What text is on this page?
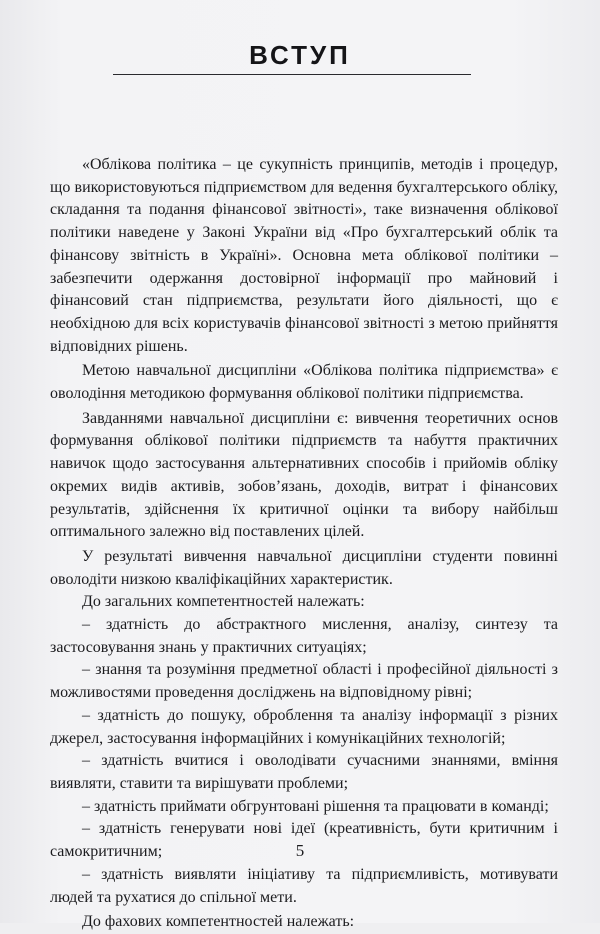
ВСТУП

«Облікова політика – це сукупність принципів, методів і процедур, що використовуються підприємством для ведення бухгалтерського обліку, складання та подання фінансової звітності», таке визначення облікової політики наведене у Законі України від «Про бухгалтерський облік та фінансову звітність в Україні». Основна мета облікової політики – забезпечити одержання достовірної інформації про майновий і фінансовий стан підприємства, результати його діяльності, що є необхідною для всіх користувачів фінансової звітності з метою прийняття відповідних рішень.

Метою навчальної дисципліни «Облікова політика підприємства» є оволодіння методикою формування облікової політики підприємства.

Завданнями навчальної дисципліни є: вивчення теоретичних основ формування облікової політики підприємств та набуття практичних навичок щодо застосування альтернативних способів і прийомів обліку окремих видів активів, зобов’язань, доходів, витрат і фінансових результатів, здійснення їх критичної оцінки та вибору найбільш оптимального залежно від поставлених цілей.

У результаті вивчення навчальної дисципліни студенти повинні оволодіти низкою кваліфікаційних характеристик.

До загальних компетентностей належать:

– здатність до абстрактного мислення, аналізу, синтезу та застосовування знань у практичних ситуаціях;

– знання та розуміння предметної області і професійної діяльності з можливостями проведення досліджень на відповідному рівні;

– здатність до пошуку, оброблення та аналізу інформації з різних джерел, застосування інформаційних і комунікаційних технологій;

– здатність вчитися і оволодівати сучасними знаннями, вміння виявляти, ставити та вирішувати проблеми;

– здатність приймати обгрунтовані рішення та працювати в команді;

– здатність генерувати нові ідеї (креативність, бути критичним і самокритичним;

– здатність виявляти ініціативу та підприємливість, мотивувати людей та рухатися до спільної мети.

До фахових компетентностей належать:

5
